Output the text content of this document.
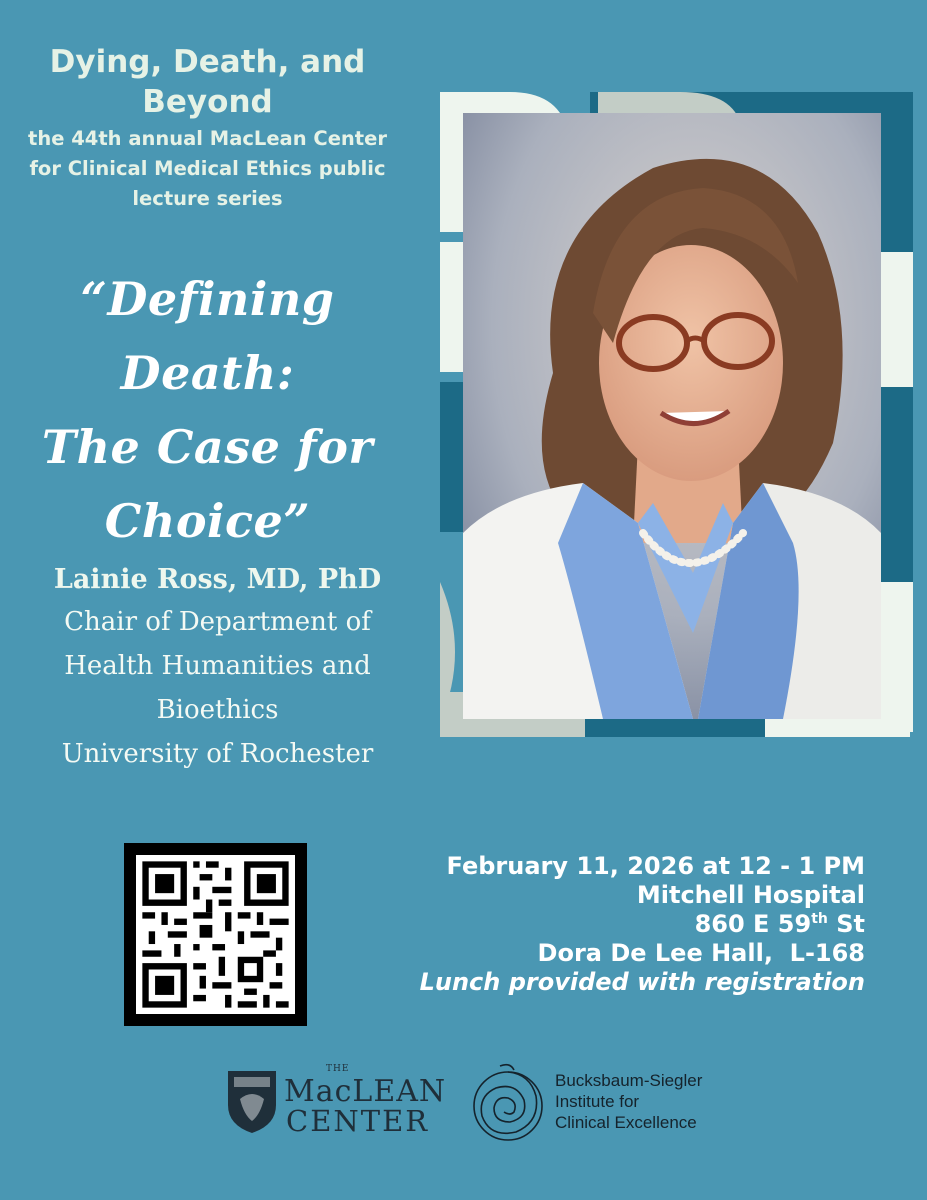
Dying, Death, and Beyond
the 44th annual MacLean Center for Clinical Medical Ethics public lecture series
“Defining
Death:
The Case for
Choice”
Lainie Ross, MD, PhD
Chair of Department of
Health Humanities and
Bioethics
University of Rochester
February 11, 2026 at 12 - 1 PM
Mitchell Hospital
860 E 59th St
Dora De Lee Hall,  L-168
Lunch provided with registration
THE
MacLEAN
CENTER
Bucksbaum-Siegler
Institute for
Clinical Excellence
